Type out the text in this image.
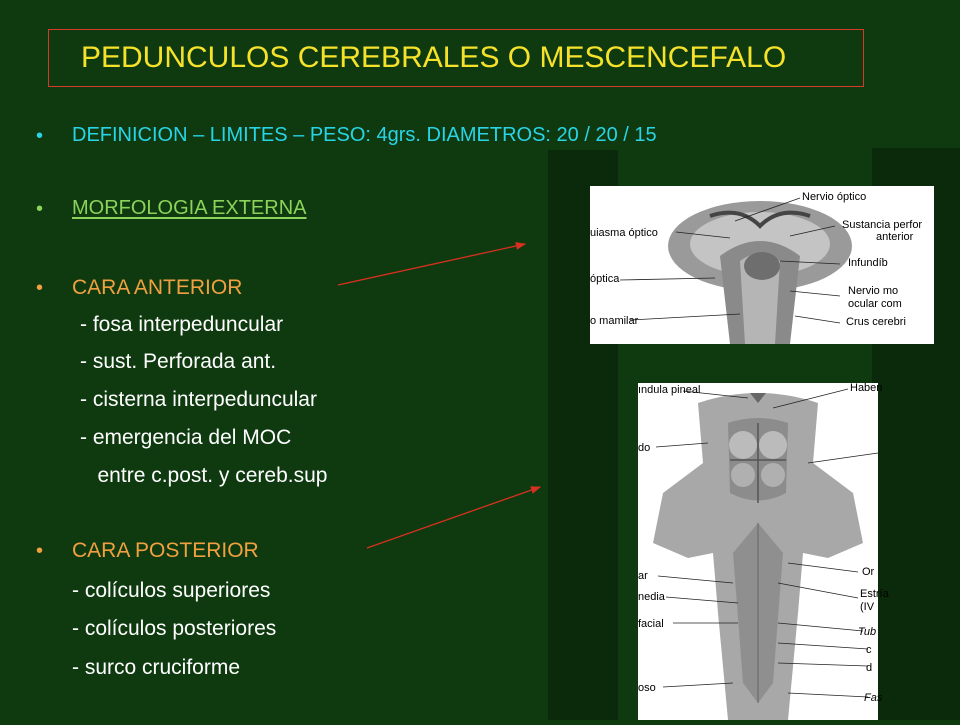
PEDUNCULOS CEREBRALES O MESCENCEFALO
• DEFINICION – LIMITES – PESO: 4grs. DIAMETROS: 20 / 20 / 15
• MORFOLOGIA EXTERNA
• CARA ANTERIOR
- fosa interpeduncular
- sust. Perforada ant.
- cisterna interpeduncular
- emergencia del MOC
entre c.post. y cereb.sup
• CARA POSTERIOR
- colículos superiores
- colículos posteriores
- surco cruciforme
Nervio óptico
Sustancia perfor
anterior
uiasma óptico
Infundíb
óptica
Nervio mo
ocular com
o mamilar	Crus cerebri
ındula pineal	Haben
do
Or
Estría
(IV
ar
nedia
facial
Tub
c
d
oso
Fas
